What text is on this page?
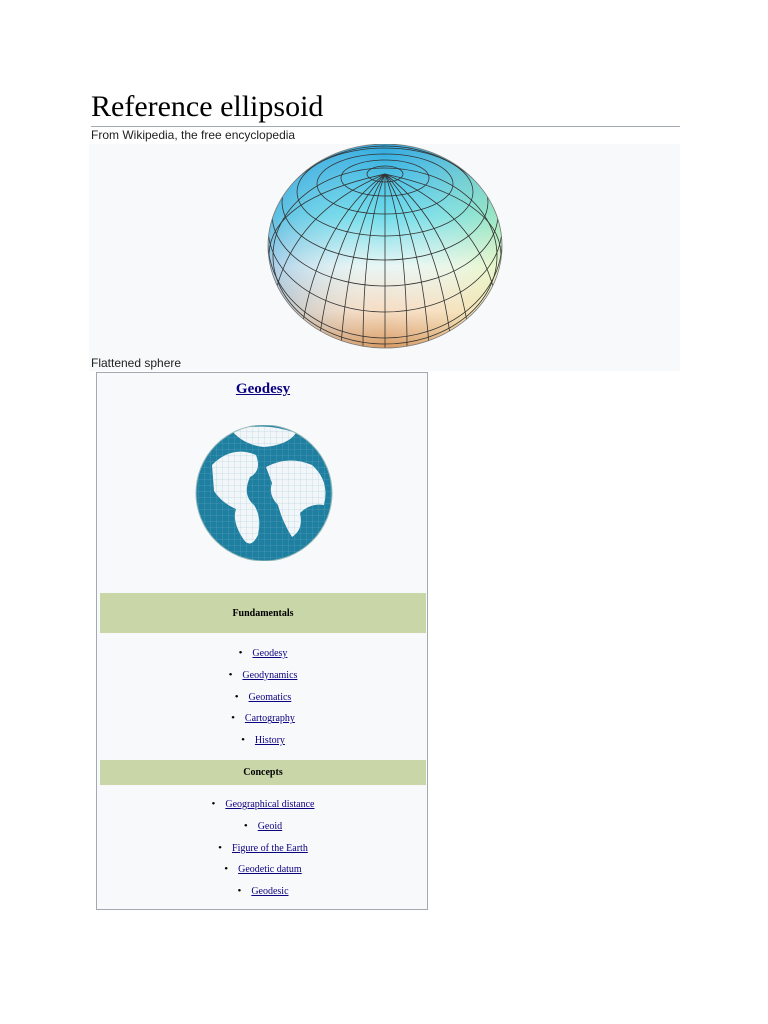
Reference ellipsoid
From Wikipedia, the free encyclopedia
Flattened sphere
Geodesy
Fundamentals
• Geodesy
• Geodynamics
• Geomatics
• Cartography
• History
Concepts
• Geographical distance
• Geoid
• Figure of the Earth
• Geodetic datum
• Geodesic
